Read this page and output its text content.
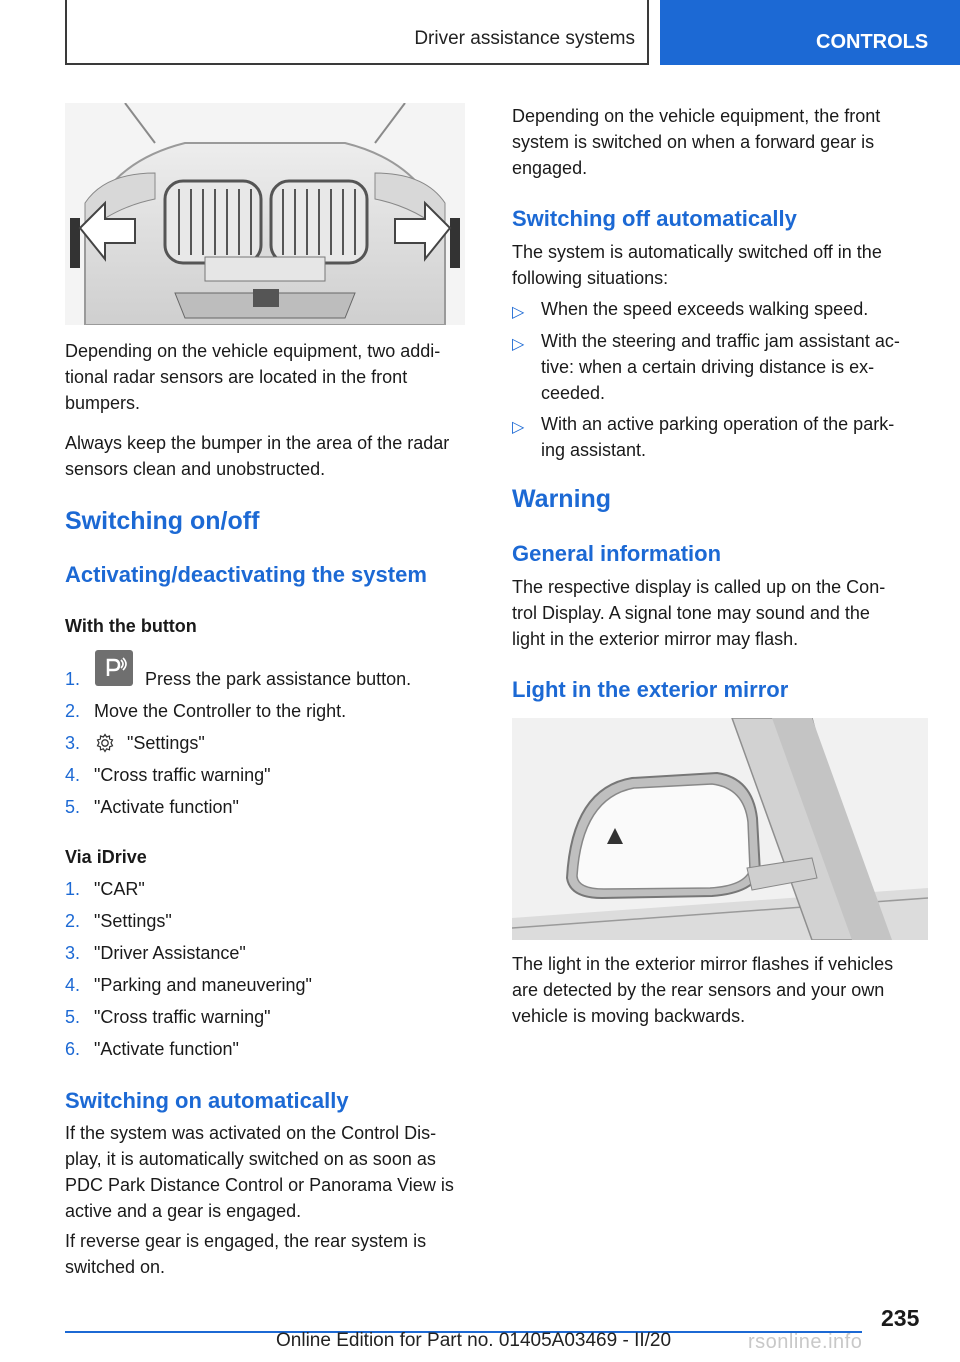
Driver assistance systems	CONTROLS
Depending on the vehicle equipment, two addi-
tional radar sensors are located in the front
bumpers.
Always keep the bumper in the area of the radar
sensors clean and unobstructed.
Switching on/off
Activating/deactivating the system
With the button
1.	Press the park assistance button.
2. Move the Controller to the right.
3.	"Settings"
4. "Cross traffic warning"
5. "Activate function"
Via iDrive
1. "CAR"
2. "Settings"
3. "Driver Assistance"
4. "Parking and maneuvering"
5. "Cross traffic warning"
6. "Activate function"
Switching on automatically
If the system was activated on the Control Dis-
play, it is automatically switched on as soon as
PDC Park Distance Control or Panorama View is
active and a gear is engaged.
If reverse gear is engaged, the rear system is
switched on.
Depending on the vehicle equipment, the front
system is switched on when a forward gear is
engaged.
Switching off automatically
The system is automatically switched off in the
following situations:
▷ When the speed exceeds walking speed.
▷ With the steering and traffic jam assistant ac-
tive: when a certain driving distance is ex-
ceeded.
▷ With an active parking operation of the park-
ing assistant.
Warning
General information
The respective display is called up on the Con-
trol Display. A signal tone may sound and the
light in the exterior mirror may flash.
Light in the exterior mirror
The light in the exterior mirror flashes if vehicles
are detected by the rear sensors and your own
vehicle is moving backwards.
235
Online Edition for Part no. 01405A03469 - II/20	rsonline.info
